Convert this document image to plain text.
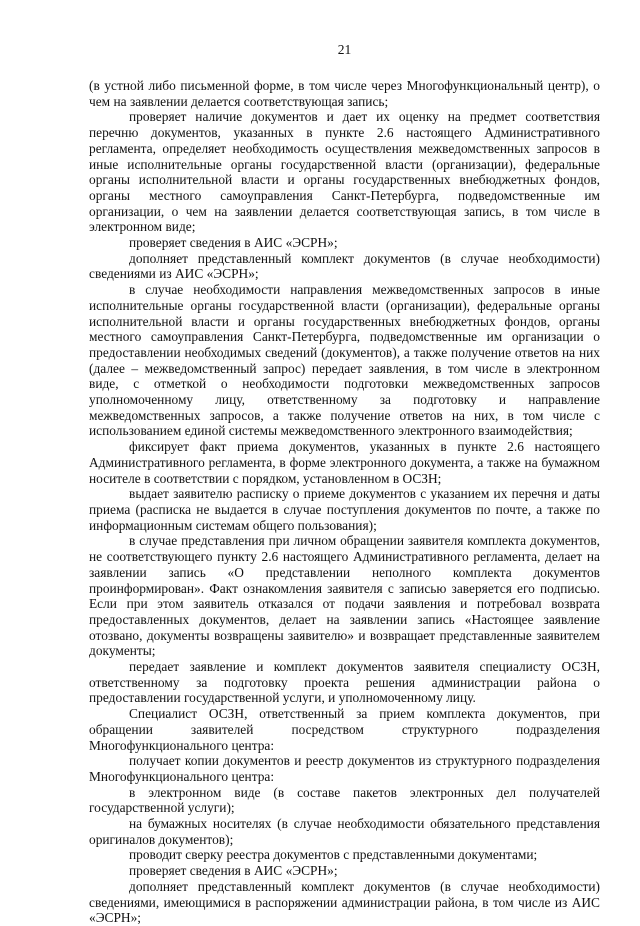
21

(в устной либо письменной форме, в том числе через Многофункциональный центр), о чем на заявлении делается соответствующая запись;

проверяет наличие документов и дает их оценку на предмет соответствия перечню документов, указанных в пункте 2.6 настоящего Административного регламента, определяет необходимость осуществления межведомственных запросов в иные исполнительные органы государственной власти (организации), федеральные органы исполнительной власти и органы государственных внебюджетных фондов, органы местного самоуправления Санкт-Петербурга, подведомственные им организации, о чем на заявлении делается соответствующая запись, в том числе в электронном виде;

проверяет сведения в АИС «ЭСРН»;

дополняет представленный комплект документов (в случае необходимости) сведениями из АИС «ЭСРН»;

в случае необходимости направления межведомственных запросов в иные исполнительные органы государственной власти (организации), федеральные органы исполнительной власти и органы государственных внебюджетных фондов, органы местного самоуправления Санкт-Петербурга, подведомственные им организации о предоставлении необходимых сведений (документов), а также получение ответов на них (далее – межведомственный запрос) передает заявления, в том числе в электронном виде, с отметкой о необходимости подготовки межведомственных запросов уполномоченному лицу, ответственному за подготовку и направление межведомственных запросов, а также получение ответов на них, в том числе с использованием единой системы межведомственного электронного взаимодействия;

фиксирует факт приема документов, указанных в пункте 2.6 настоящего Административного регламента, в форме электронного документа, а также на бумажном носителе в соответствии с порядком, установленном в ОСЗН;

выдает заявителю расписку о приеме документов с указанием их перечня и даты приема (расписка не выдается в случае поступления документов по почте, а также по информационным системам общего пользования);

в случае представления при личном обращении заявителя комплекта документов, не соответствующего пункту 2.6 настоящего Административного регламента, делает на заявлении запись «О представлении неполного комплекта документов проинформирован». Факт ознакомления заявителя с записью заверяется его подписью. Если при этом заявитель отказался от подачи заявления и потребовал возврата предоставленных документов, делает на заявлении запись «Настоящее заявление отозвано, документы возвращены заявителю» и возвращает представленные заявителем документы;

передает заявление и комплект документов заявителя специалисту ОСЗН, ответственному за подготовку проекта решения администрации района о предоставлении государственной услуги, и уполномоченному лицу.

Специалист ОСЗН, ответственный за прием комплекта документов, при обращении заявителей посредством структурного подразделения Многофункционального центра:

получает копии документов и реестр документов из структурного подразделения Многофункционального центра:

в электронном виде (в составе пакетов электронных дел получателей государственной услуги);

на бумажных носителях (в случае необходимости обязательного представления оригиналов документов);

проводит сверку реестра документов с представленными документами;

проверяет сведения в АИС «ЭСРН»;

дополняет представленный комплект документов (в случае необходимости) сведениями, имеющимися в распоряжении администрации района, в том числе из АИС «ЭСРН»;
